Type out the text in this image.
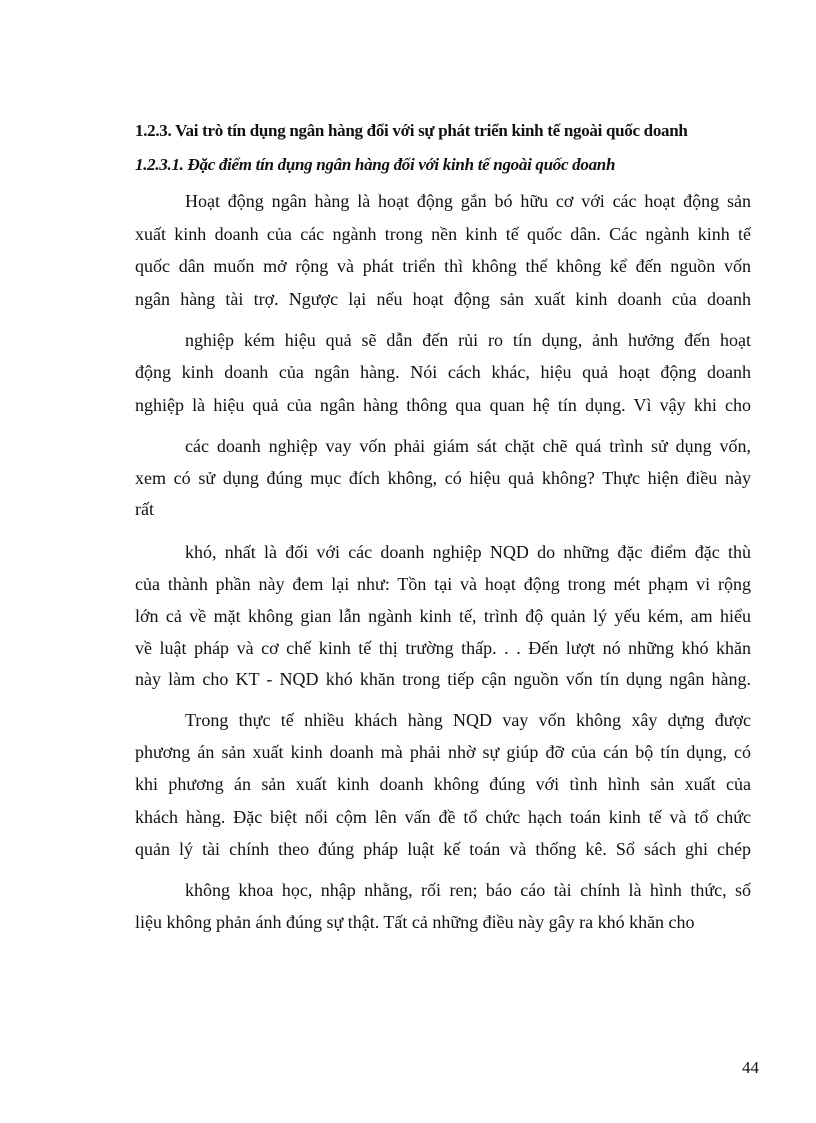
1.2.3. Vai trò tín dụng ngân hàng đối với sự phát triển kinh tế ngoài quốc doanh
1.2.3.1. Đặc điểm tín dụng ngân hàng đối với kinh tế ngoài quốc doanh
Hoạt động ngân hàng là hoạt động gắn bó hữu cơ với các hoạt động sản
xuất kinh doanh của các ngành trong nền kinh tế quốc dân. Các ngành kinh tế
quốc dân muốn mở rộng và phát triển thì không thể không kể đến nguồn vốn
ngân hàng tài trợ. Ngược lại nếu hoạt động sản xuất kinh doanh của doanh
nghiệp kém hiệu quả sẽ dẫn đến rủi ro tín dụng, ảnh hưởng đến hoạt
động kinh doanh của ngân hàng. Nói cách khác, hiệu quả hoạt động doanh
nghiệp là hiệu quả của ngân hàng thông qua quan hệ tín dụng. Vì vậy khi cho
các doanh nghiệp vay vốn phải giám sát chặt chẽ quá trình sử dụng vốn,
xem có sử dụng đúng mục đích không, có hiệu quả không? Thực hiện điều này
rất
khó, nhất là đối với các doanh nghiệp NQD do những đặc điểm đặc thù
của thành phần này đem lại như: Tồn tại và hoạt động trong mét phạm vi rộng
lớn cả về mặt không gian lẫn ngành kinh tế, trình độ quản lý yếu kém, am hiểu
về luật pháp và cơ chế kinh tế thị trường thấp. . . Đến lượt nó những khó khăn
này làm cho KT - NQD khó khăn trong tiếp cận nguồn vốn tín dụng ngân hàng.
Trong thực tế nhiều khách hàng NQD vay vốn không xây dựng được
phương án sản xuất kinh doanh mà phải nhờ sự giúp đỡ của cán bộ tín dụng, có
khi phương án sản xuất kinh doanh không đúng với tình hình sản xuất của
khách hàng. Đặc biệt nổi cộm lên vấn đề tổ chức hạch toán kinh tế và tổ chức
quản lý tài chính theo đúng pháp luật kế toán và thống kê. Sổ sách ghi chép
không khoa học, nhập nhằng, rối ren; báo cáo tài chính là hình thức, số
liệu không phản ánh đúng sự thật. Tất cả những điều này gây ra khó khăn cho
44
